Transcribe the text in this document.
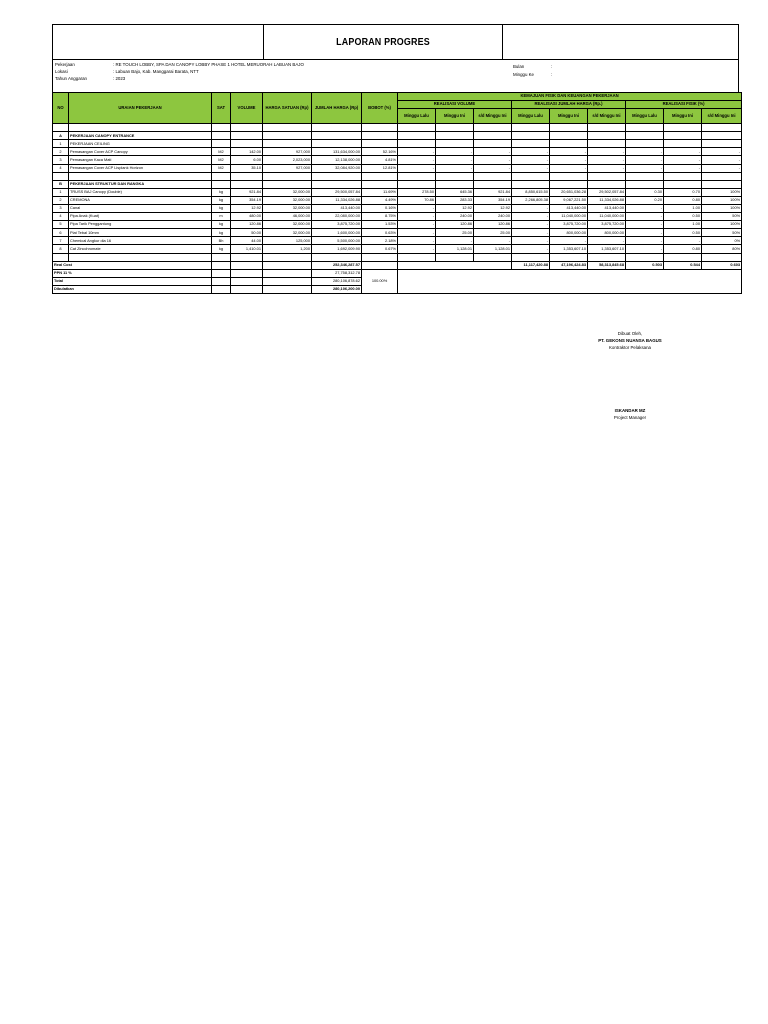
LAPORAN PROGRES
Pekerjaan	: RE TOUCH LOBBY, SPA DAN CANOPY LOBBY PHASE 1 HOTEL MERUORAH LABUAN BAJO
Lokasi	: Labuan Bajo, Kab. Manggarai Barata, NTT
Tahun Anggaran	: 2023
Bulan	:
Minggu Ke	:
NO	URAIAN PEKERJAAN	SAT	VOLUME	HARGA SATUAN (Rp)	JUMLAH HARGA (Rp)	BOBOT (%)	KEMAJUAN FISIK DAN KEUANGAN PEKERJAAN								
							REALISASI VOLUME			REALISASI JUMLAH HARGA (Rp.)			REALISASI FISIK (%)		
							Minggu Lalu	Minggu Ini	s/d Minggu Ini	Minggu Lalu	Minggu Ini	s/d Minggu Ini	Minggu Lalu	Minggu Ini	s/d Minggu Ini

A	PEKERJAAN CANOPY ENTRANCE														
1	PEKERJAAN CEILING														
2	Pemasangan Cover ACP Canopy	M2	142.00	927,000	131,634,000.00	52.16%	-	-	-	-	-	-	-	-	-
3	Pemasangan Kaca Mati	M2	6.00	2,023,000	12,138,000.00	4.81%	-	-	-	-	-	-	-	-	-
4	Pemasangan Cover ACP Lisplank Horizon	M2	35.10	927,000	32,084,920.00	12.81%	-	-	-	-	-	-	-	-	-

B	PEKERJAAN STRUKTUR DAN RANGKA														
1	TRUSS BAJ Canopy (Double)	kg	921.84	32,000.00	29,500,057.84	11.69%	278.50	645.36	921.84	8,850,615.50	20,651,036.28	29,502,057.84	0.30	0.70	100%
2	CREMONA	kg	354.19	32,000.00	11,334,026.88	4.49%	70.86	283.33	354.19	2,266,805.38	9,067,221.50	11,334,026.88	0.20	0.80	100%
3	Canal	kg	12.92	32,000.00	413,440.00	0.16%	-	12.92	12.92	-	413,440.00	413,440.00	-	1.00	100%
4	Pipa Anak (Kuat)	m	480.00	46,000.00	22,080,000.00	8.75%	-	240.00	240.00	-	11,040,000.00	11,040,000.00	-	0.50	50%
5	Pipa Tarik Penggantung	kg	120.86	32,000.00	3,875,720.00	1.53%	-	120.86	120.86	-	3,875,720.00	3,875,720.00	-	1.00	100%
6	Plat Tebal 10mm	kg	50.00	32,000.00	1,600,000.00	0.63%	-	25.00	25.00	-	800,000.00	800,000.00	-	0.50	50%
7	Chemical Angkur dia 16	Bh	44.00	125,000	5,500,000.00	2.18%	-	-	-	-	-	-	-	-	0%
8	Cat Zincchromate	kg	1,410.01	1,200	1,692,009.90	0.67%	-	1,128.01	1,128.01	-	1,353,607.10	1,353,607.10	-	0.80	80%

Real Cost					252,346,287.57					11,117,420.88	47,196,424.83	58,313,845.68	0.503	0.544	0.603
PPN 11 %					27,758,312.78	100.00%									
Total					280,106,878.62										
Dibulatkan					280,106,200.00										
Dibuat Oleh,
PT. GEKONS NUANSA BAGUS
Kontraktor Pelaksana
ISKANDAR MZ
Project Manager
